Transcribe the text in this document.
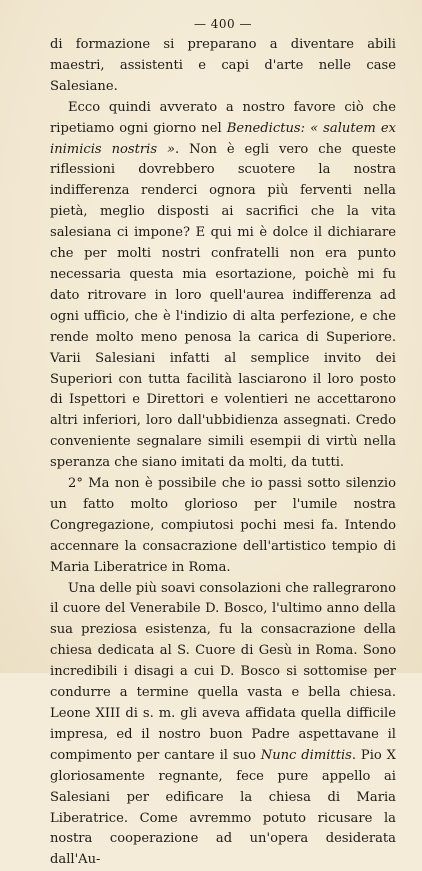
— 400 —

di formazione si preparano a diventare abili maestri, assistenti e capi d'arte nelle case Salesiane.

Ecco quindi avverato a nostro favore ciò che ripetiamo ogni giorno nel Benedictus: « salutem ex inimicis nostris ». Non è egli vero che queste riflessioni dovrebbero scuotere la nostra indifferenza renderci ognora più ferventi nella pietà, meglio disposti ai sacrifici che la vita salesiana ci impone? E qui mi è dolce il dichiarare che per molti nostri confratelli non era punto necessaria questa mia esortazione, poichè mi fu dato ritrovare in loro quell'aurea indifferenza ad ogni ufficio, che è l'indizio di alta perfezione, e che rende molto meno penosa la carica di Superiore. Varii Salesiani infatti al semplice invito dei Superiori con tutta facilità lasciarono il loro posto di Ispettori e Direttori e volentieri ne accettarono altri inferiori, loro dall'ubbidienza assegnati. Credo conveniente segnalare simili esempii di virtù nella speranza che siano imitati da molti, da tutti.

2° Ma non è possibile che io passi sotto silenzio un fatto molto glorioso per l'umile nostra Congregazione, compiutosi pochi mesi fa. Intendo accennare la consacrazione dell'artistico tempio di Maria Liberatrice in Roma.

Una delle più soavi consolazioni che rallegrarono il cuore del Venerabile D. Bosco, l'ultimo anno della sua preziosa esistenza, fu la consacrazione della chiesa dedicata al S. Cuore di Gesù in Roma. Sono incredibili i disagi a cui D. Bosco si sottomise per condurre a termine quella vasta e bella chiesa. Leone XIII di s. m. gli aveva affidata quella difficile impresa, ed il nostro buon Padre aspettavane il compimento per cantare il suo Nunc dimittis. Pio X gloriosamente regnante, fece pure appello ai Salesiani per edificare la chiesa di Maria Liberatrice. Come avremmo potuto ricusare la nostra cooperazione ad un'opera desiderata dall'Au-
